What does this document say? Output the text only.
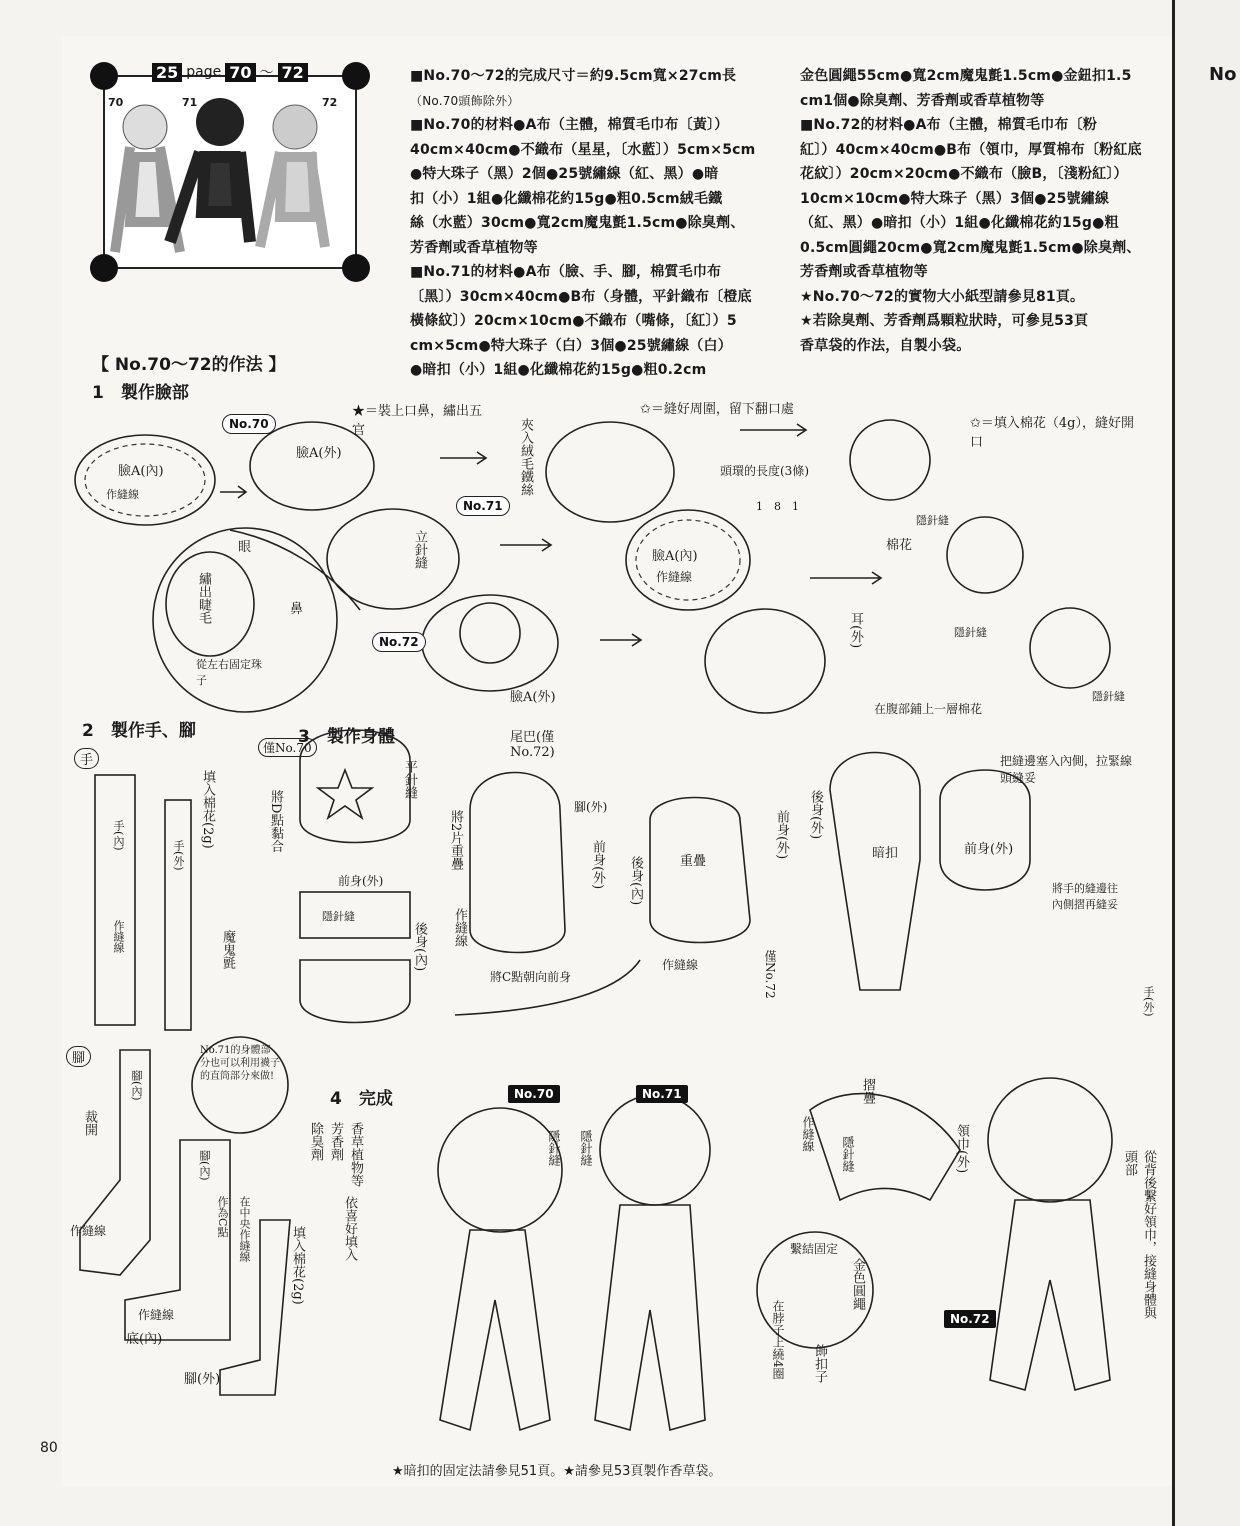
No
25 page 70 ～ 72
70	71	72
■No.70～72的完成尺寸＝約9.5cm寬×27cm長
（No.70頭飾除外）
■No.70的材料●A布（主體，棉質毛巾布〔黃〕）
40cm×40cm●不織布（星星，〔水藍〕）5cm×5cm
●特大珠子（黑）2個●25號繡線（紅、黑）●暗
扣（小）1組●化纖棉花約15g●粗0.5cm絨毛鐵
絲（水藍）30cm●寬2cm魔鬼氈1.5cm●除臭劑、
芳香劑或香草植物等
■No.71的材料●A布（臉、手、腳，棉質毛巾布
〔黑〕）30cm×40cm●B布（身體，平針織布〔橙底
橫條紋〕）20cm×10cm●不織布（嘴條，〔紅〕）5
cm×5cm●特大珠子（白）3個●25號繡線（白）
●暗扣（小）1組●化纖棉花約15g●粗0.2cm
金色圓繩55cm●寬2cm魔鬼氈1.5cm●金鈕扣1.5
cm1個●除臭劑、芳香劑或香草植物等
■No.72的材料●A布（主體，棉質毛巾布〔粉
紅〕）40cm×40cm●B布（領巾，厚質棉布〔粉紅底
花紋〕）20cm×20cm●不織布（臉B，〔淺粉紅〕）
10cm×10cm●特大珠子（黑）3個●25號繡線
（紅、黑）●暗扣（小）1組●化纖棉花約15g●粗
0.5cm圓繩20cm●寬2cm魔鬼氈1.5cm●除臭劑、
芳香劑或香草植物等
★No.70～72的實物大小紙型請參見81頁。
★若除臭劑、芳香劑爲顆粒狀時，可參見53頁
香草袋的作法，自製小袋。
【 No.70～72的作法 】
1　製作臉部
2　製作手、腳	3　製作身體
4　完成	No.70	No.71
No.72
No.70
No.71
No.72
★＝裝上口鼻，繡出五官
✩＝縫好周圍，留下翻口處
✩＝填入棉花（4g），縫好開口
臉A(內)
作縫線
臉A(外)
眼
鼻
繡出睫毛
從左右固定珠子
夾入絨毛鐵絲	頭環的長度(3條)
1　8　1
立針縫	臉A(內)
作縫線
臉A(外)
耳(外)
隱針縫
棉花
隱針縫
隱針縫
在腹部鋪上一層棉花
手
手(內)
手(外)
填入棉花(2g)
作縫線	魔鬼氈
腳
腳(內)
裁開
作縫線
腳(內)
作為C點 在中央作縫線	填入棉花(2g)
作縫線
底(內)
腳(外)
No.71的身體部分也可以利用襪子的直筒部分來做!
僅No.70
將D點黏合
平針縫
前身(外)
隱針縫
後身(內)
尾巴(僅No.72)
將2片重疊
腳(外)
前身(外)
作縫線
將C點朝向前身
後身(內)	重疊
前身(外)
作縫線	僅No.72
後身(外)
暗扣
把縫邊塞入內側，拉緊線頭縫妥
前身(外)
將手的縫邊往內側摺再縫妥
手(外)
除臭劑 芳香劑 香草植物等
依喜好填入
隱針縫 隱針縫
摺疊
作縫線
隱針縫	領巾(外)
繫結固定
金色圓繩
在脖子上繞4圈 飾扣子
從背後繫好領巾，接縫身體與頭部
80
★暗扣的固定法請參見51頁。★請參見53頁製作香草袋。
